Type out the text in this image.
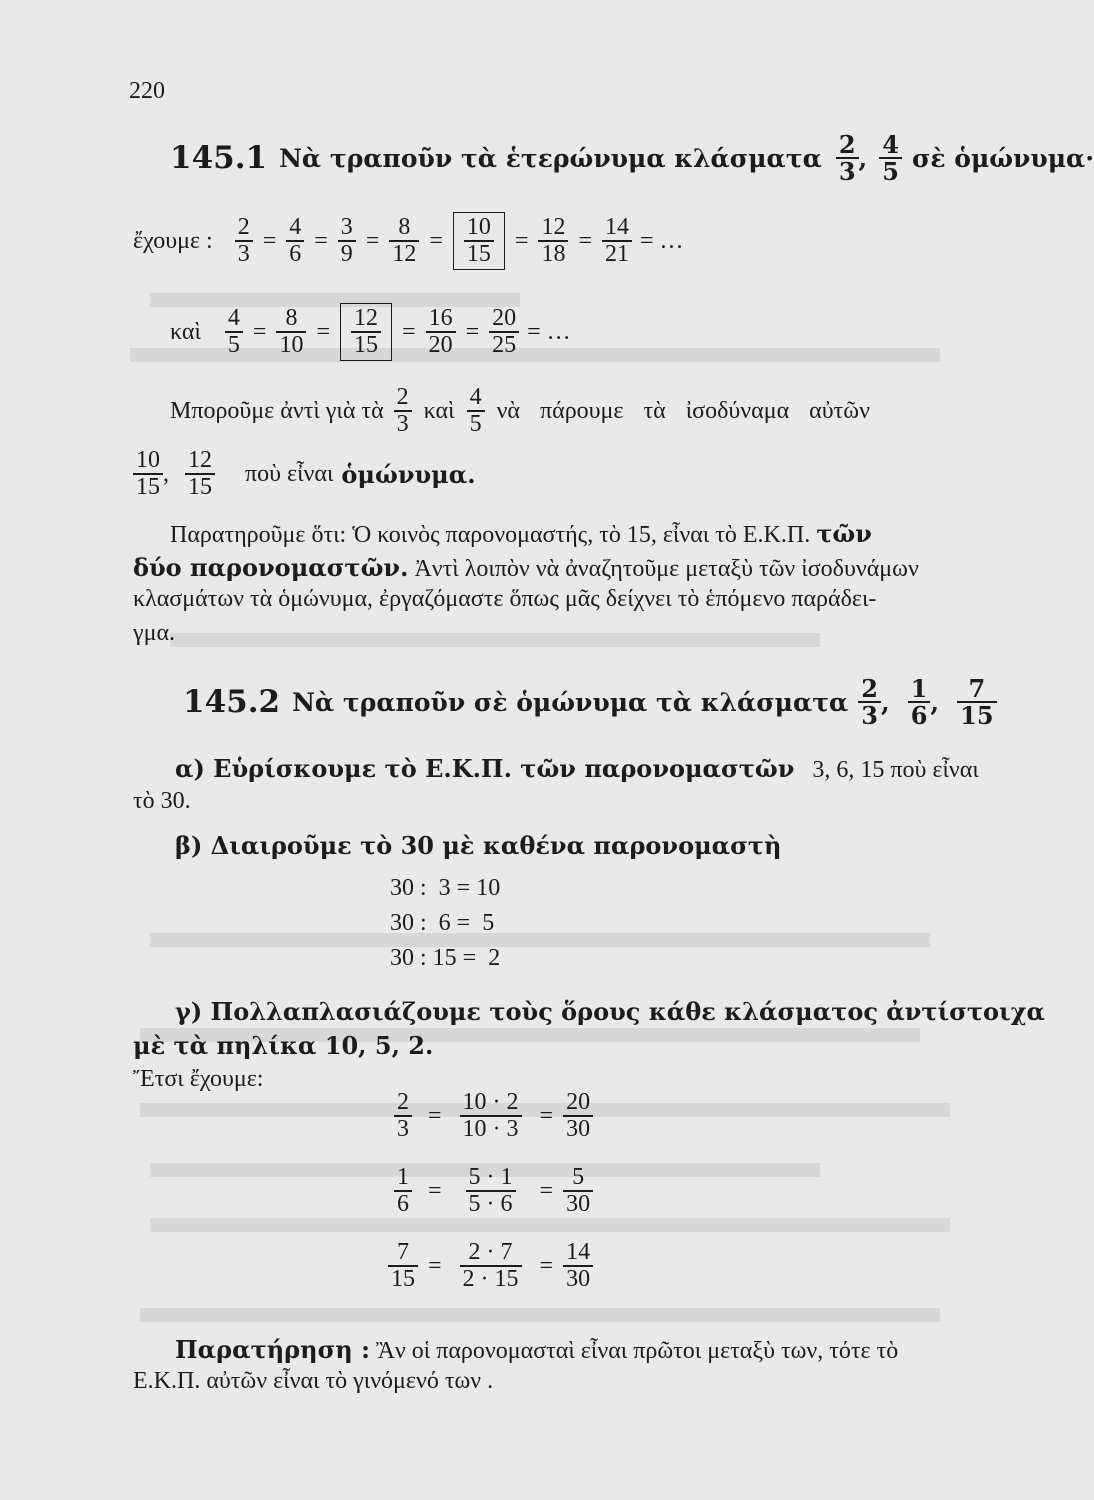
220
145.1 Νὰ τραποῦν τὰ ἑτερώνυμα κλάσματα $\frac{2}{3}$ , $\frac{4}{5}$ σὲ ὁμώνυμα·
ἔχουμε : $\frac{2}{3} = \frac{4}{6} = \frac{3}{9} = \frac{8}{12} = \frac{10}{15} = \frac{12}{18} = \frac{14}{21}$ = …
καὶ $\frac{4}{5} = \frac{8}{10} = \frac{12}{15} = \frac{16}{20} = \frac{20}{25}$ = …
Μποροῦμε ἀντὶ γιὰ τὰ $\frac{2}{3}$ καὶ $\frac{4}{5}$ νὰ πάρουμε τὰ ἰσοδύναμα αὐτῶν
$\frac{10}{15}$ , $\frac{12}{15}$ ποὺ εἶναι ὁμώνυμα.
Παρατηροῦμε ὅτι: Ὁ κοινὸς παρονομαστής, τὸ 15, εἶναι τὸ Ε.Κ.Π. τῶν
δύο παρονομαστῶν. Ἀντὶ λοιπὸν νὰ ἀναζητοῦμε μεταξὺ τῶν ἰσοδυνάμων
κλασμάτων τὰ ὁμώνυμα, ἐργαζόμαστε ὅπως μᾶς δείχνει τὸ ἑπόμενο παράδει-
γμα.
145.2 Νὰ τραποῦν σὲ ὁμώνυμα τὰ κλάσματα $\frac{2}{3}$ , $\frac{1}{6}$ , $\frac{7}{15}$
α) Εὑρίσκουμε τὸ Ε.Κ.Π. τῶν παρονομαστῶν 3, 6, 15 ποὺ εἶναι
τὸ 30.
β) Διαιροῦμε τὸ 30 μὲ καθένα παρονομαστὴ
30 :  3 = 10
30 :  6 =  5
30 : 15 =  2
γ) Πολλαπλασιάζουμε τοὺς ὅρους κάθε κλάσματος ἀντίστοιχα
μὲ τὰ πηλίκα 10, 5, 2.
Ἔτσι ἔχουμε:
$\frac{2}{3} = \frac{10 \cdot 2}{10 \cdot 3} = \frac{20}{30}$
$\frac{1}{6} = \frac{5 \cdot 1}{5 \cdot 6} = \frac{5}{30}$
$\frac{7}{15} = \frac{2 \cdot 7}{2 \cdot 15} = \frac{14}{30}$
Παρατήρηση : Ἂν οἱ παρονομασταὶ εἶναι πρῶτοι μεταξὺ των, τότε τὸ
Ε.Κ.Π. αὐτῶν εἶναι τὸ γινόμενό των .
